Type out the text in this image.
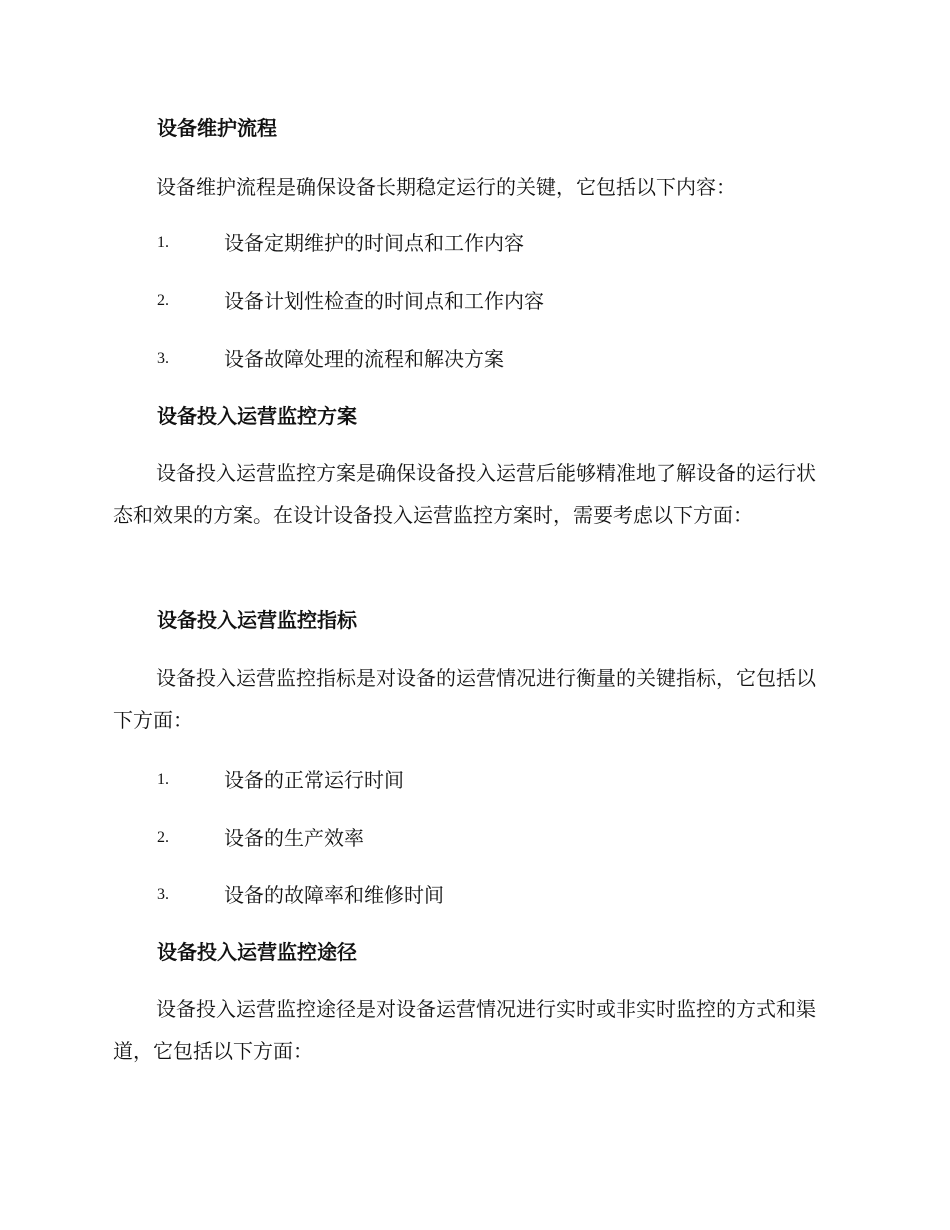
设备维护流程
设备维护流程是确保设备长期稳定运行的关键，它包括以下内容：
1.	设备定期维护的时间点和工作内容
2.	设备计划性检查的时间点和工作内容
3.	设备故障处理的流程和解决方案
设备投入运营监控方案
设备投入运营监控方案是确保设备投入运营后能够精准地了解设备的运行状态和效果的方案。在设计设备投入运营监控方案时，需要考虑以下方面：
设备投入运营监控指标
设备投入运营监控指标是对设备的运营情况进行衡量的关键指标，它包括以下方面：
1.	设备的正常运行时间
2.	设备的生产效率
3.	设备的故障率和维修时间
设备投入运营监控途径
设备投入运营监控途径是对设备运营情况进行实时或非实时监控的方式和渠道，它包括以下方面：
